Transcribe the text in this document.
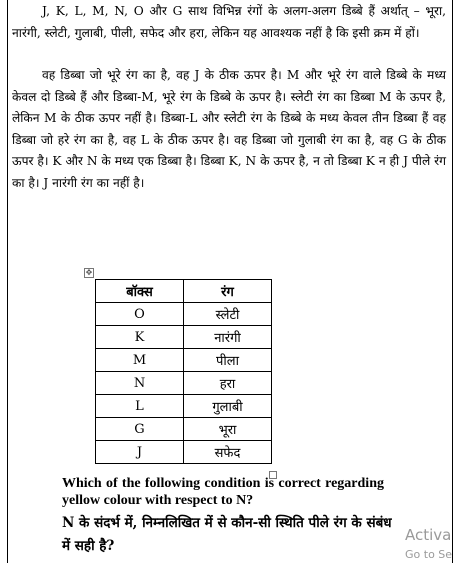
J, K, L, M, N, O और G साथ विभिन्न रंगों के अलग-अलग डिब्बे हैं अर्थात् – भूरा, नारंगी, स्लेटी, गुलाबी, पीली, सफेद और हरा, लेकिन यह आवश्यक नहीं है कि इसी क्रम में हों।

वह डिब्बा जो भूरे रंग का है, वह J के ठीक ऊपर है। M और भूरे रंग वाले डिब्बे के मध्य केवल दो डिब्बे हैं और डिब्बा-M, भूरे रंग के डिब्बे के ऊपर है। स्लेटी रंग का डिब्बा M के ऊपर है, लेकिन M के ठीक ऊपर नहीं है। डिब्बा-L और स्लेटी रंग के डिब्बे के मध्य केवल तीन डिब्बा हैं वह डिब्बा जो हरे रंग का है, वह L के ठीक ऊपर है। वह डिब्बा जो गुलाबी रंग का है, वह G के ठीक ऊपर है। K और N के मध्य एक डिब्बा है। डिब्बा K, N के ऊपर है, न तो डिब्बा K न ही J पीले रंग का है। J नारंगी रंग का नहीं है।

✥
बॉक्स	रंग
O	स्लेटी
K	नारंगी
M	पीला
N	हरा
L	गुलाबी
G	भूरा
J	सफेद

Which of the following condition is correct regarding yellow colour with respect to N?

N के संदर्भ में, निम्नलिखित में से कौन-सी स्थिति पीले रंग के संबंध में सही है?

Activa
Go to Se
